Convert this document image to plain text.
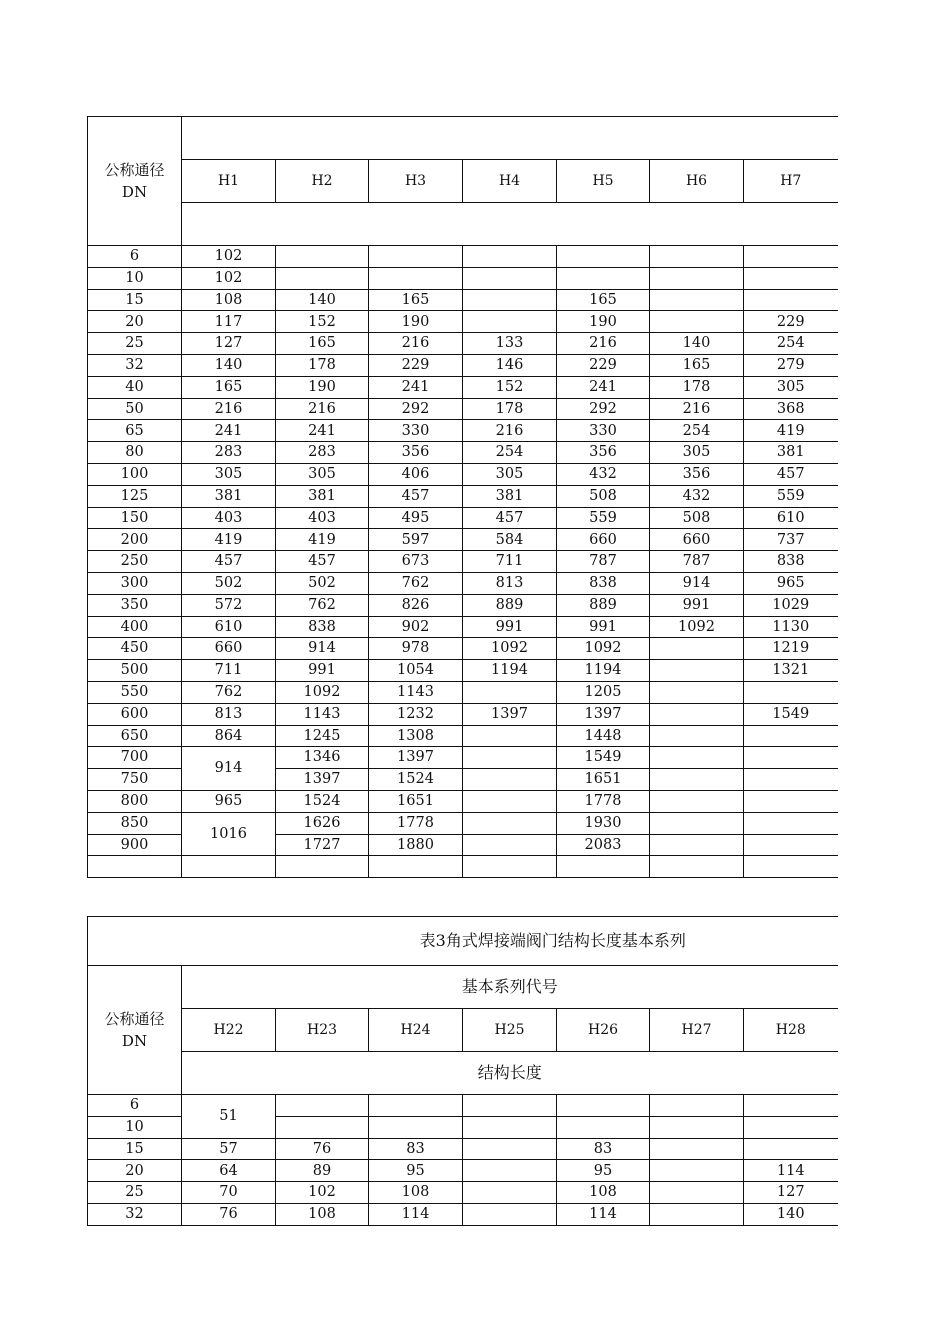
公称通径
DN							
	H1	H2	H3	H4	H5	H6	H7

6	102						
10	102						
15	108	140	165		165		
20	117	152	190		190		229
25	127	165	216	133	216	140	254
32	140	178	229	146	229	165	279
40	165	190	241	152	241	178	305
50	216	216	292	178	292	216	368
65	241	241	330	216	330	254	419
80	283	283	356	254	356	305	381
100	305	305	406	305	432	356	457
125	381	381	457	381	508	432	559
150	403	403	495	457	559	508	610
200	419	419	597	584	660	660	737
250	457	457	673	711	787	787	838
300	502	502	762	813	838	914	965
350	572	762	826	889	889	991	1029
400	610	838	902	991	991	1092	1130
450	660	914	978	1092	1092		1219
500	711	991	1054	1194	1194		1321
550	762	1092	1143		1205		
600	813	1143	1232	1397	1397		1549
650	864	1245	1308		1448		
700	914	1346	1397		1549		
750		1397	1524		1651		
800	965	1524	1651		1778		
850	1016	1626	1778		1930		
900		1727	1880		2083		

表3角式焊接端阀门结构长度基本系列							
公称通径
DN	基本系列代号						
	H22	H23	H24	H25	H26	H27	H28
	结构长度						
6	51						
10							
15	57	76	83		83		
20	64	89	95		95		114
25	70	102	108		108		127
32	76	108	114		114		140
